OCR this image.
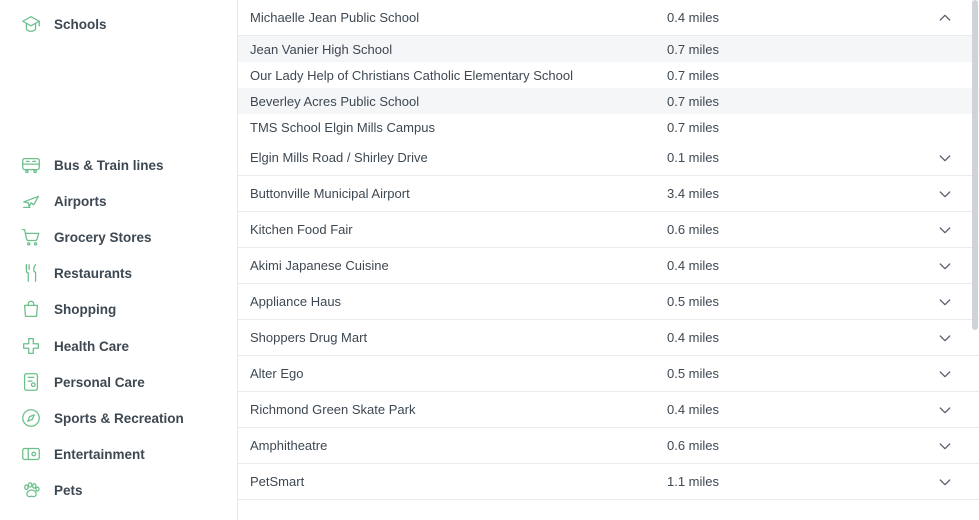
Schools
Bus & Train lines
Airports
Grocery Stores
Restaurants
Shopping
Health Care
Personal Care
Sports & Recreation
Entertainment
Pets
Michaelle Jean Public School	0.4 miles
Jean Vanier High School	0.7 miles
Our Lady Help of Christians Catholic Elementary School	0.7 miles
Beverley Acres Public School	0.7 miles
TMS School Elgin Mills Campus	0.7 miles
Elgin Mills Road / Shirley Drive	0.1 miles
Buttonville Municipal Airport	3.4 miles
Kitchen Food Fair	0.6 miles
Akimi Japanese Cuisine	0.4 miles
Appliance Haus	0.5 miles
Shoppers Drug Mart	0.4 miles
Alter Ego	0.5 miles
Richmond Green Skate Park	0.4 miles
Amphitheatre	0.6 miles
PetSmart	1.1 miles
